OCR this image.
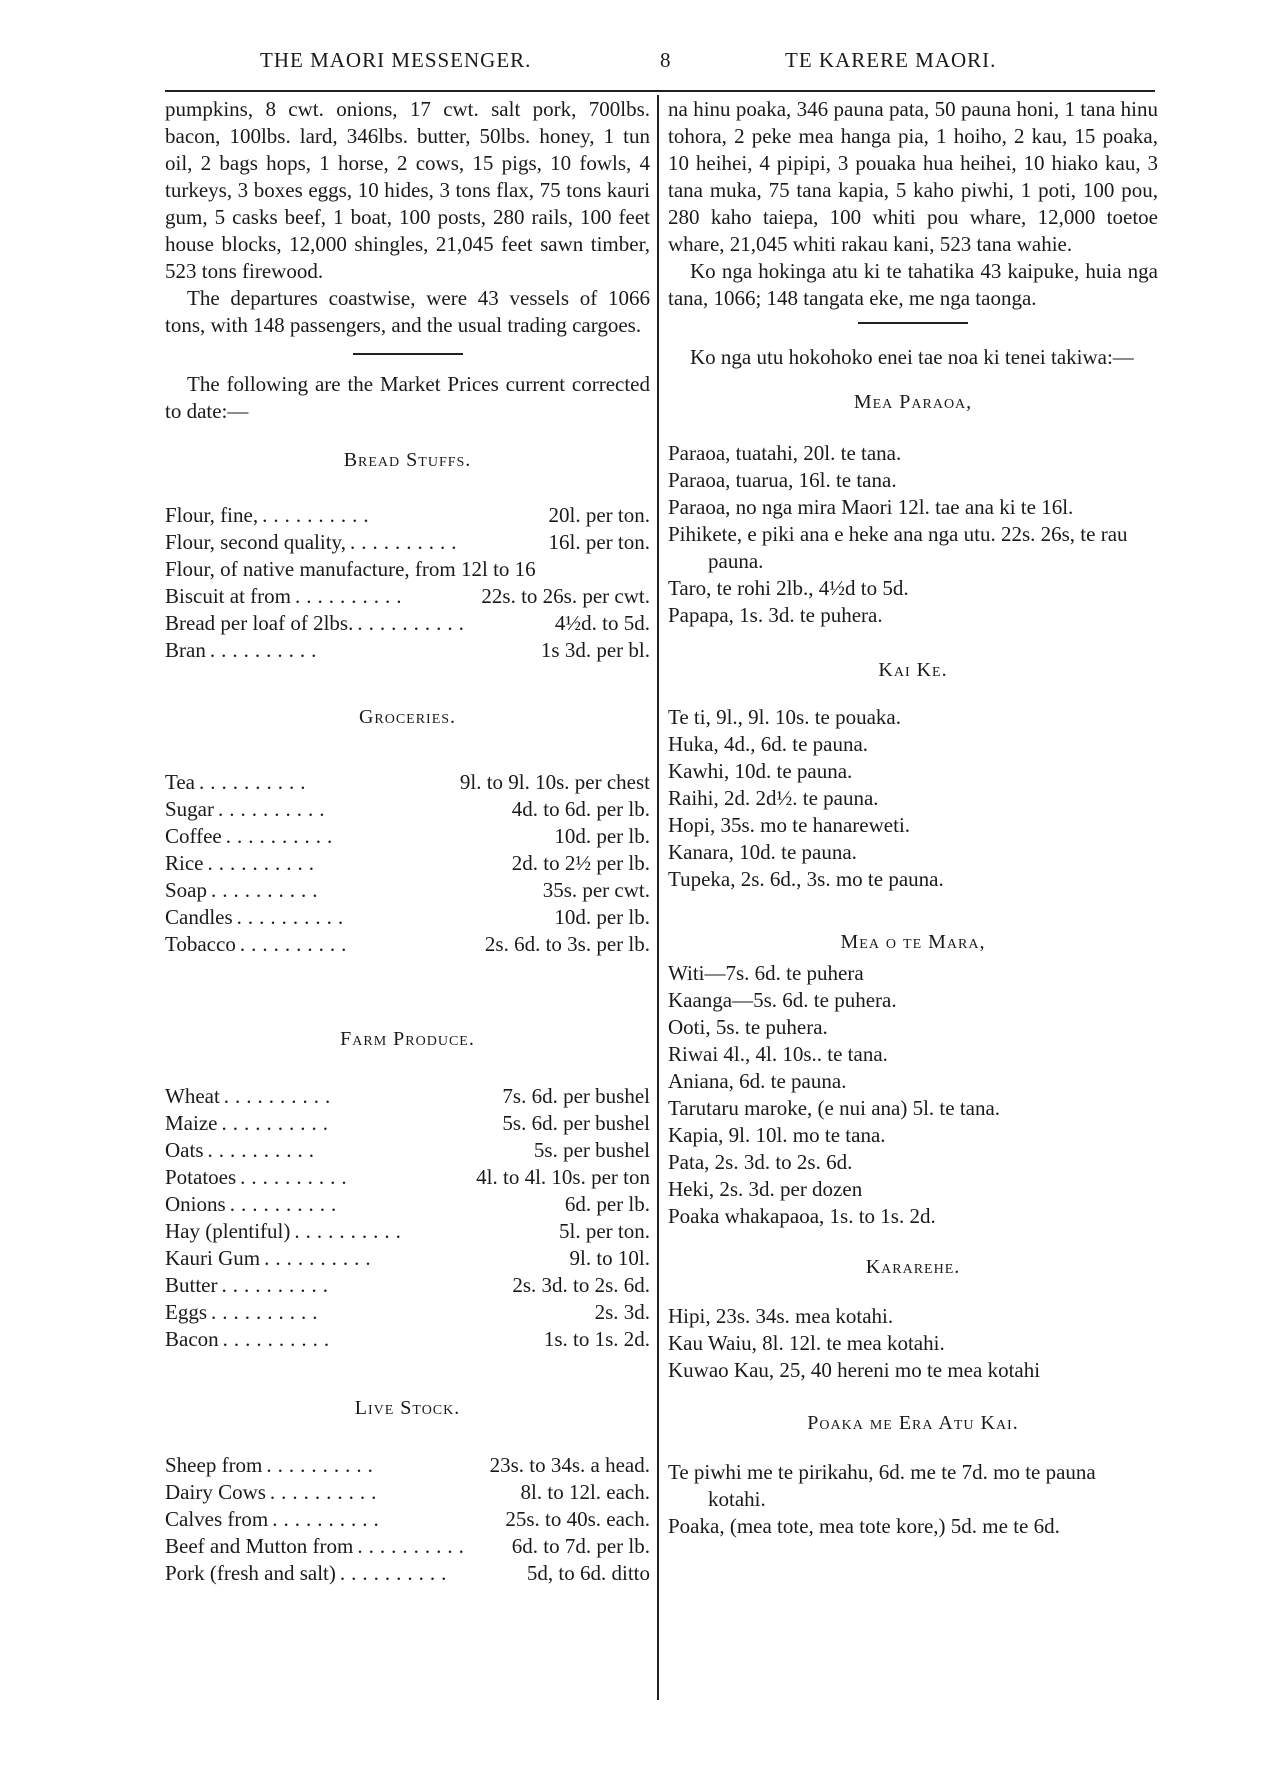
THE MAORI MESSENGER.	8	TE KARERE MAORI.

pumpkins, 8 cwt. onions, 17 cwt. salt pork, 700lbs. bacon, 100lbs. lard, 346lbs. butter, 50lbs. honey, 1 tun oil, 2 bags hops, 1 horse, 2 cows, 15 pigs, 10 fowls, 4 turkeys, 3 boxes eggs, 10 hides, 3 tons flax, 75 tons kauri gum, 5 casks beef, 1 boat, 100 posts, 280 rails, 100 feet house blocks, 12,000 shingles, 21,045 feet sawn timber, 523 tons firewood.

The departures coastwise, were 43 vessels of 1066 tons, with 148 passengers, and the usual trading cargoes.

The following are the Market Prices current corrected to date:—

Bread Stuffs.

Flour, fine, ..........	20l. per ton.
Flour, second quality, ..........	16l. per ton.
Flour, of native manufacture, from 12l to 16
Biscuit at from ..........	22s. to 26s. per cwt.
Bread per loaf of 2lbs. ..........	4½d. to 5d.
Bran ..........	1s 3d. per bl.

Groceries.

Tea ..........	9l. to 9l. 10s. per chest
Sugar ..........	4d. to 6d. per lb.
Coffee ..........	10d. per lb.
Rice ..........	2d. to 2½ per lb.
Soap ..........	35s. per cwt.
Candles ..........	10d. per lb.
Tobacco ..........	2s. 6d. to 3s. per lb.

Farm Produce.

Wheat ..........	7s. 6d. per bushel
Maize ..........	5s. 6d. per bushel
Oats ..........	5s. per bushel
Potatoes ..........	4l. to 4l. 10s. per ton
Onions ..........	6d. per lb.
Hay (plentiful) ..........	5l. per ton.
Kauri Gum ..........	9l. to 10l.
Butter ..........	2s. 3d. to 2s. 6d.
Eggs ..........	2s. 3d.
Bacon ..........	1s. to 1s. 2d.

Live Stock.

Sheep from ..........	23s. to 34s. a head.
Dairy Cows ..........	8l. to 12l. each.
Calves from ..........	25s. to 40s. each.
Beef and Mutton from ..........	6d. to 7d. per lb.
Pork (fresh and salt) ..........	5d, to 6d. ditto

na hinu poaka, 346 pauna pata, 50 pauna honi, 1 tana hinu tohora, 2 peke mea hanga pia, 1 hoiho, 2 kau, 15 poaka, 10 heihei, 4 pipipi, 3 pouaka hua heihei, 10 hiako kau, 3 tana muka, 75 tana kapia, 5 kaho piwhi, 1 poti, 100 pou, 280 kaho taiepa, 100 whiti pou whare, 12,000 toetoe whare, 21,045 whiti rakau kani, 523 tana wahie.

Ko nga hokinga atu ki te tahatika 43 kaipuke, huia nga tana, 1066; 148 tangata eke, me nga taonga.

Ko nga utu hokohoko enei tae noa ki tenei takiwa:—

Mea Paraoa,

Paraoa, tuatahi, 20l. te tana.

Paraoa, tuarua, 16l. te tana.

Paraoa, no nga mira Maori 12l. tae ana ki te 16l.

Pihikete, e piki ana e heke ana nga utu. 22s. 26s, te rau pauna.

Taro, te rohi 2lb., 4½d to 5d.

Papapa, 1s. 3d. te puhera.

Kai Ke.

Te ti, 9l., 9l. 10s. te pouaka.

Huka, 4d., 6d. te pauna.

Kawhi, 10d. te pauna.

Raihi, 2d. 2d½. te pauna.

Hopi, 35s. mo te hanareweti.

Kanara, 10d. te pauna.

Tupeka, 2s. 6d., 3s. mo te pauna.

Mea o te Mara,

Witi—7s. 6d. te puhera

Kaanga—5s. 6d. te puhera.

Ooti, 5s. te puhera.

Riwai 4l., 4l. 10s.. te tana.

Aniana, 6d. te pauna.

Tarutaru maroke, (e nui ana) 5l. te tana.

Kapia, 9l. 10l. mo te tana.

Pata, 2s. 3d. to 2s. 6d.

Heki, 2s. 3d. per dozen

Poaka whakapaoa, 1s. to 1s. 2d.

Kararehe.

Hipi, 23s. 34s. mea kotahi.

Kau Waiu, 8l. 12l. te mea kotahi.

Kuwao Kau, 25, 40 hereni mo te mea kotahi

Poaka me Era Atu Kai.

Te piwhi me te pirikahu, 6d. me te 7d. mo te pauna kotahi.

Poaka, (mea tote, mea tote kore,) 5d. me te 6d.
